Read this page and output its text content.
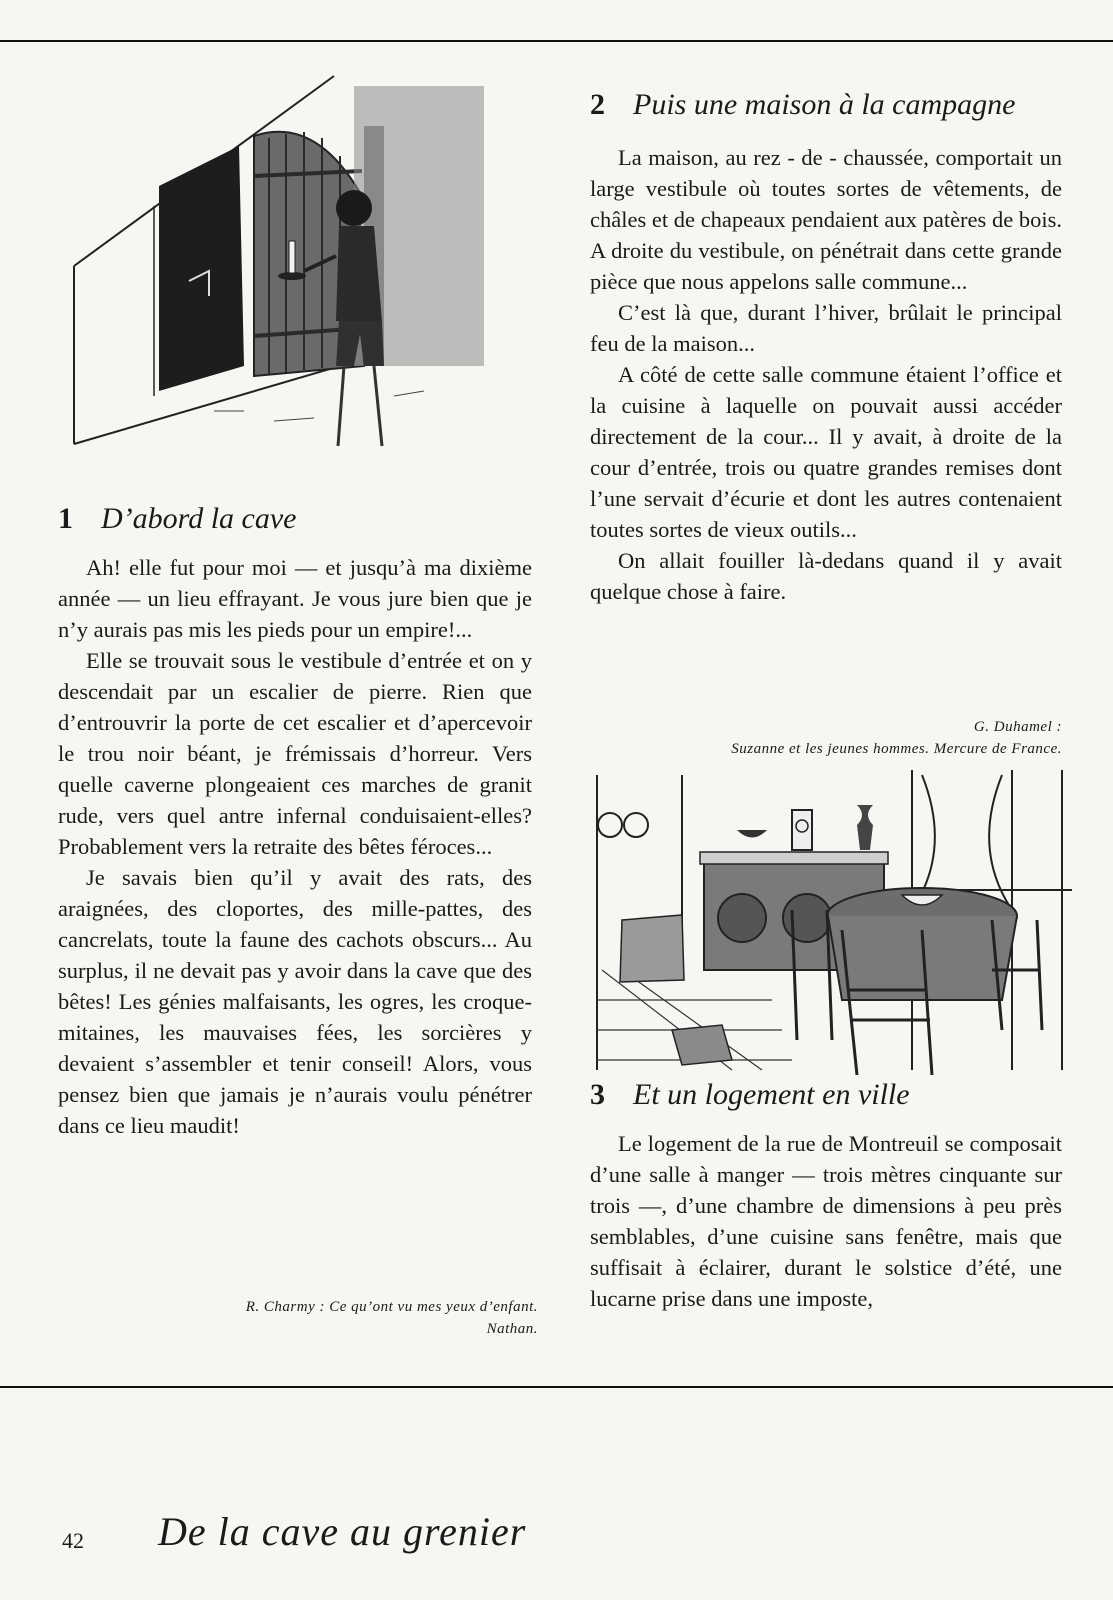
1 D’abord la cave

Ah! elle fut pour moi — et jusqu’à ma dixième année — un lieu effrayant. Je vous jure bien que je n’y aurais pas mis les pieds pour un empire!...

Elle se trouvait sous le vestibule d’entrée et on y descendait par un escalier de pierre. Rien que d’entrouvrir la porte de cet escalier et d’apercevoir le trou noir béant, je frémissais d’horreur. Vers quelle caverne plongeaient ces marches de granit rude, vers quel antre infernal conduisaient-elles? Probablement vers la retraite des bêtes féroces...

Je savais bien qu’il y avait des rats, des araignées, des cloportes, des mille-pattes, des cancrelats, toute la faune des cachots obscurs... Au surplus, il ne devait pas y avoir dans la cave que des bêtes! Les génies malfaisants, les ogres, les croque-mitaines, les mauvaises fées, les sorcières y devaient s’assembler et tenir conseil! Alors, vous pensez bien que jamais je n’aurais voulu pénétrer dans ce lieu maudit!

R. Charmy : Ce qu’ont vu mes yeux d’enfant.
Nathan.
2 Puis une maison à la campagne

La maison, au rez - de - chaussée, comportait un large vestibule où toutes sortes de vêtements, de châles et de chapeaux pendaient aux patères de bois. A droite du vestibule, on pénétrait dans cette grande pièce que nous appelons salle commune...

C’est là que, durant l’hiver, brûlait le principal feu de la maison...

A côté de cette salle commune étaient l’office et la cuisine à laquelle on pouvait aussi accéder directement de la cour... Il y avait, à droite de la cour d’entrée, trois ou quatre grandes remises dont l’une servait d’écurie et dont les autres contenaient toutes sortes de vieux outils...

On allait fouiller là-dedans quand il y avait quelque chose à faire.

G. Duhamel :
Suzanne et les jeunes hommes. Mercure de France.
3 Et un logement en ville

Le logement de la rue de Montreuil se composait d’une salle à manger — trois mètres cinquante sur trois —, d’une chambre de dimensions à peu près semblables, d’une cuisine sans fenêtre, mais que suffisait à éclairer, durant le solstice d’été, une lucarne prise dans une imposte,

42 De la cave au grenier
